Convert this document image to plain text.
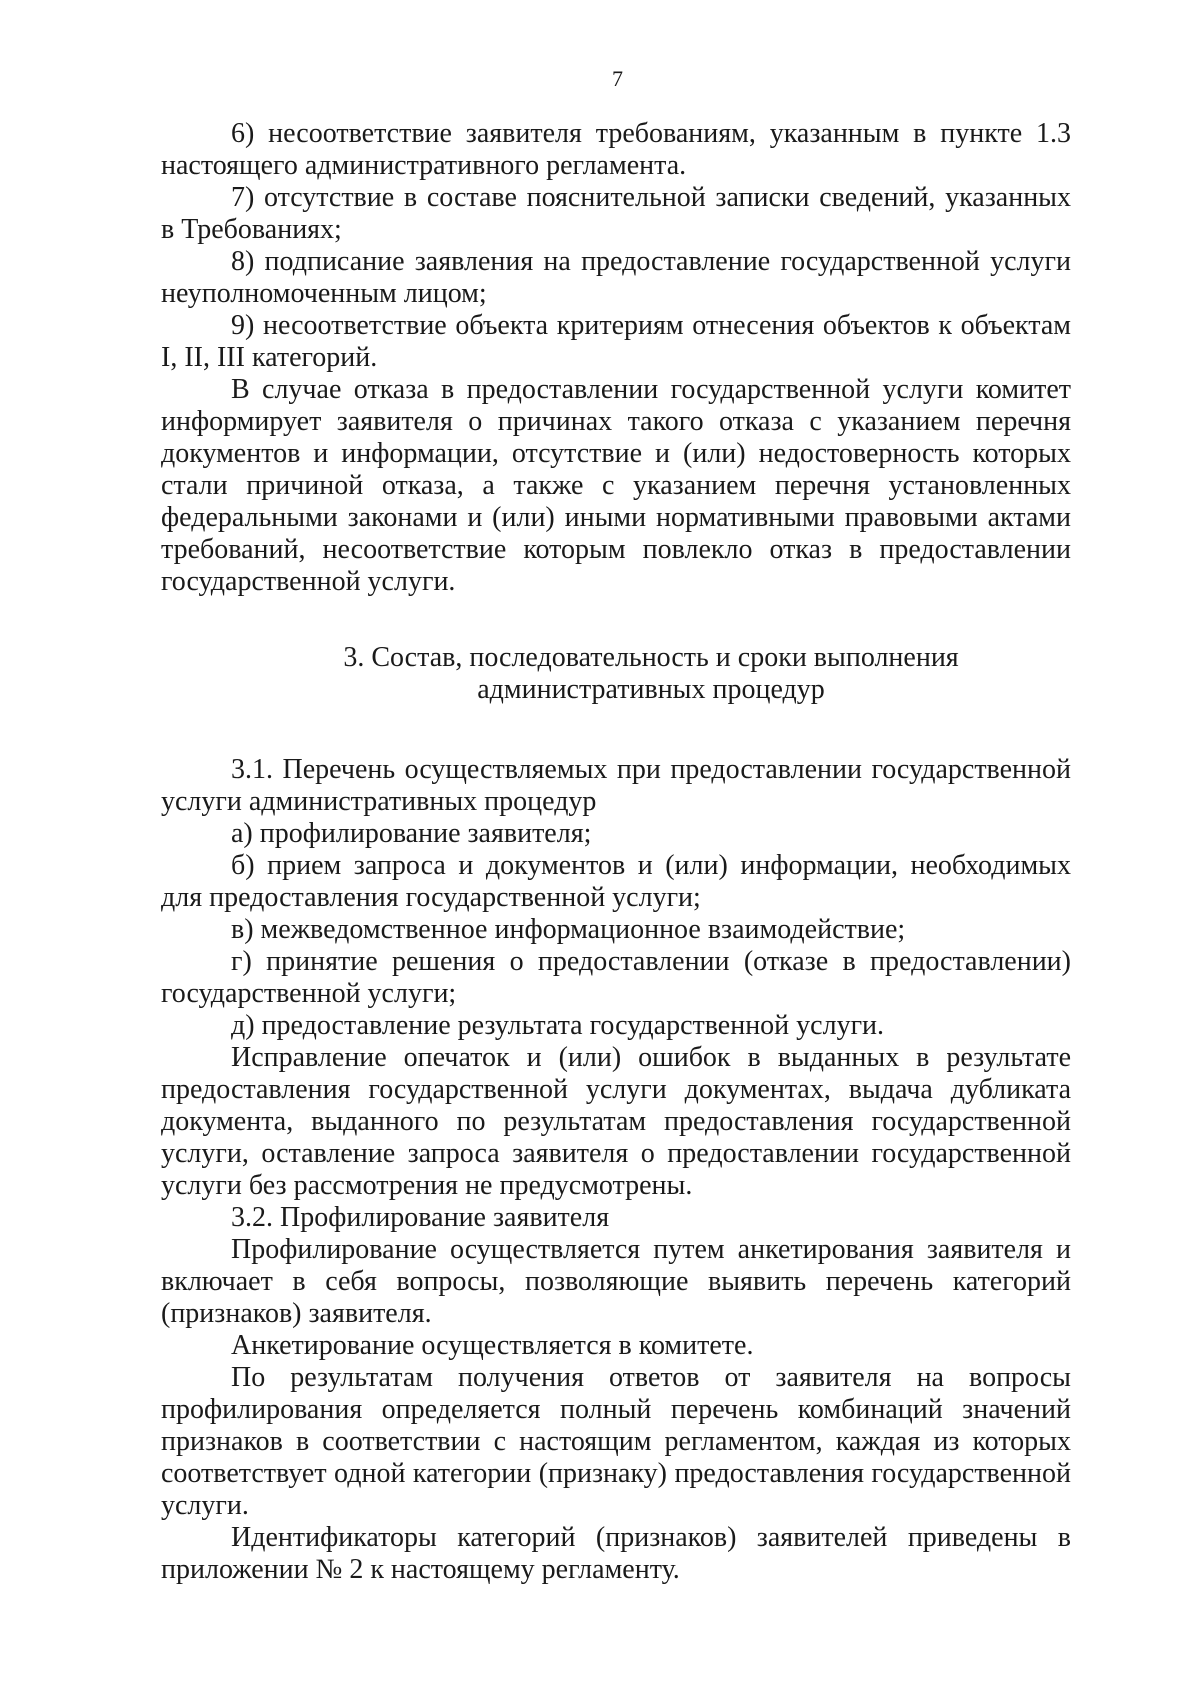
7

6) несоответствие заявителя требованиям, указанным в пункте 1.3 настоящего административного регламента.

7) отсутствие в составе пояснительной записки сведений, указанных в Требованиях;

8) подписание заявления на предоставление государственной услуги неуполномоченным лицом;

9) несоответствие объекта критериям отнесения объектов к объектам I, II, III категорий.

В случае отказа в предоставлении государственной услуги комитет информирует заявителя о причинах такого отказа с указанием перечня документов и информации, отсутствие и (или) недостоверность которых стали причиной отказа, а также с указанием перечня установленных федеральными законами и (или) иными нормативными правовыми актами требований, несоответствие которым повлекло отказ в предоставлении государственной услуги.

3. Состав, последовательность и сроки выполнения
административных процедур

3.1. Перечень осуществляемых при предоставлении государственной услуги административных процедур

а) профилирование заявителя;

б) прием запроса и документов и (или) информации, необходимых для предоставления государственной услуги;

в) межведомственное информационное взаимодействие;

г) принятие решения о предоставлении (отказе в предоставлении) государственной услуги;

д) предоставление результата государственной услуги.

Исправление опечаток и (или) ошибок в выданных в результате предоставления государственной услуги документах, выдача дубликата документа, выданного по результатам предоставления государственной услуги, оставление запроса заявителя о предоставлении государственной услуги без рассмотрения не предусмотрены.

3.2. Профилирование заявителя

Профилирование осуществляется путем анкетирования заявителя и включает в себя вопросы, позволяющие выявить перечень категорий (признаков) заявителя.

Анкетирование осуществляется в комитете.

По результатам получения ответов от заявителя на вопросы профилирования определяется полный перечень комбинаций значений признаков в соответствии с настоящим регламентом, каждая из которых соответствует одной категории (признаку) предоставления государственной услуги.

Идентификаторы категорий (признаков) заявителей приведены в приложении № 2 к настоящему регламенту.
